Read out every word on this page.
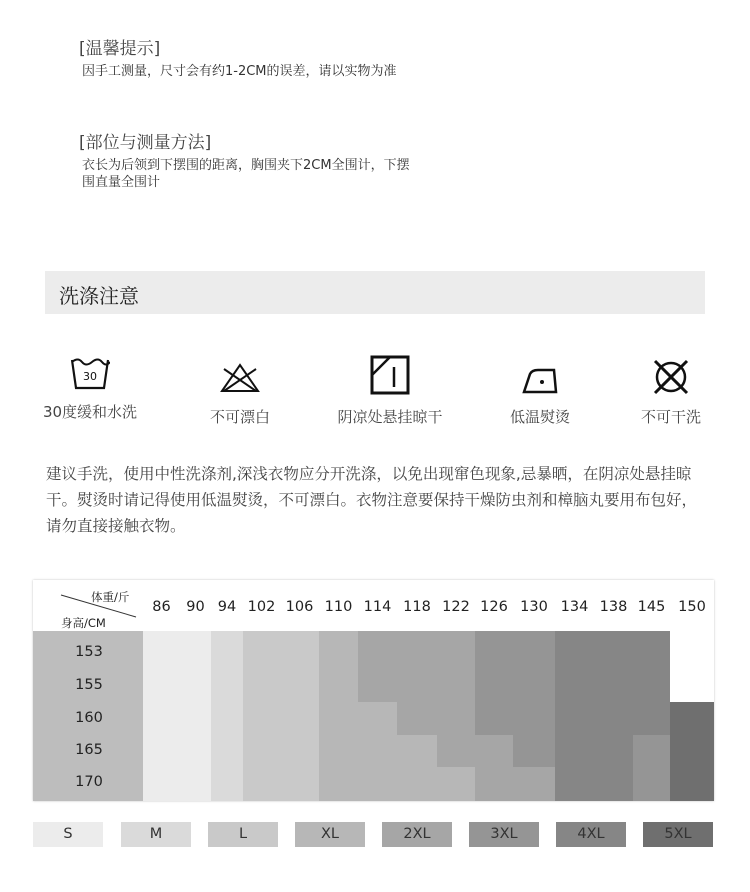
[温馨提示]
因手工测量，尺寸会有约1-2CM的误差，请以实物为准
[部位与测量方法]
衣长为后领到下摆围的距离，胸围夹下2CM全围计，下摆围直量全围计
洗涤注意
30
30度缓和水洗	不可漂白	阴凉处悬挂晾干	低温熨烫	不可干洗
建议手洗，使用中性洗涤剂,深浅衣物应分开洗涤，以免出现窜色现象,忌暴晒，在阴凉处悬挂晾干。熨烫时请记得使用低温熨烫，不可漂白。衣物注意要保持干燥防虫剂和樟脑丸要用布包好，请勿直接接触衣物。
体重/斤
身高/CM
86	90 94 102 106 110 114 118 122 126 130 134 138 145 150
153
155
160
165
170
S	M	L	XL	2XL	3XL	4XL	5XL
